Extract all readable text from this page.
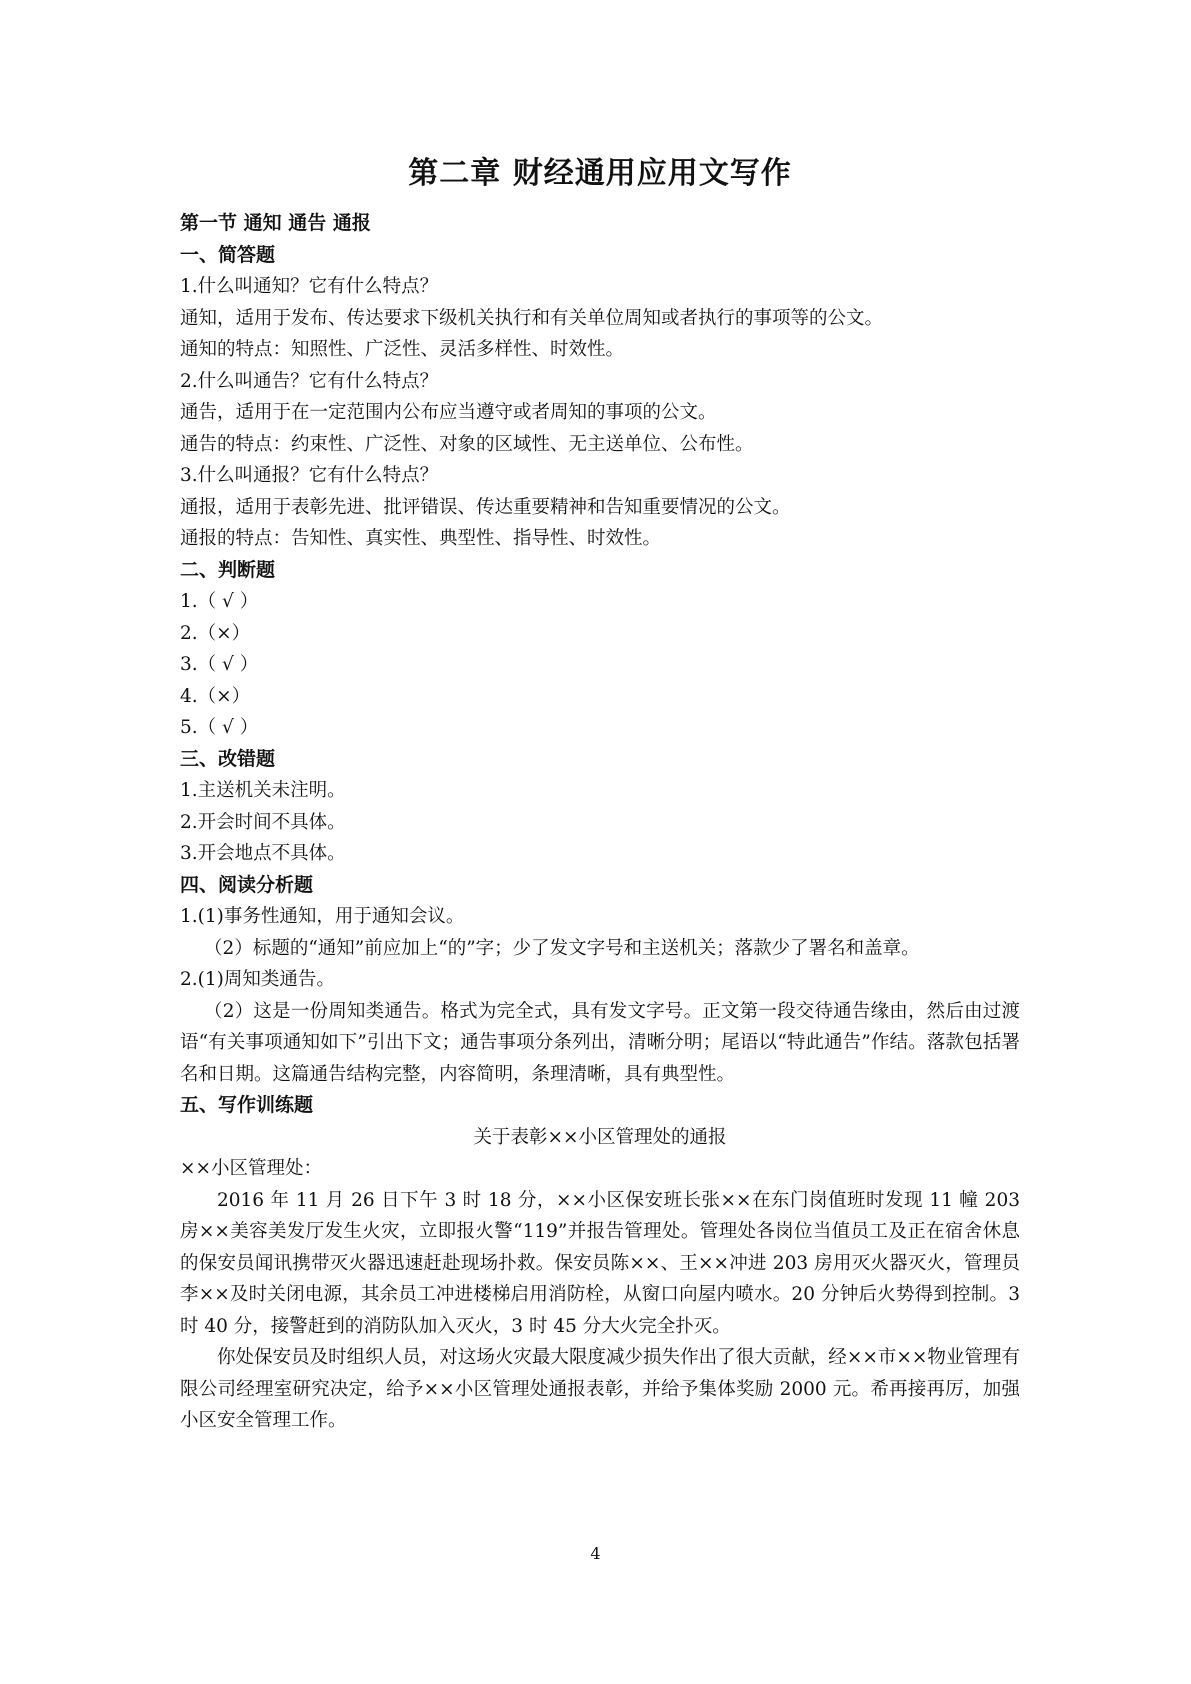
第二章 财经通用应用文写作

第一节 通知 通告 通报

一、简答题

1.什么叫通知？它有什么特点？

通知，适用于发布、传达要求下级机关执行和有关单位周知或者执行的事项等的公文。

通知的特点：知照性、广泛性、灵活多样性、时效性。

2.什么叫通告？它有什么特点？

通告，适用于在一定范围内公布应当遵守或者周知的事项的公文。

通告的特点：约束性、广泛性、对象的区域性、无主送单位、公布性。

3.什么叫通报？它有什么特点？

通报，适用于表彰先进、批评错误、传达重要精神和告知重要情况的公文。

通报的特点：告知性、真实性、典型性、指导性、时效性。

二、判断题

1.（ √ ）

2.（×）

3.（ √ ）

4.（×）

5.（ √ ）

三、改错题

1.主送机关未注明。

2.开会时间不具体。

3.开会地点不具体。

四、阅读分析题

1.(1)事务性通知，用于通知会议。

（2）标题的“通知”前应加上“的”字；少了发文字号和主送机关；落款少了署名和盖章。

2.(1)周知类通告。

（2）这是一份周知类通告。格式为完全式，具有发文字号。正文第一段交待通告缘由，然后由过渡语“有关事项通知如下”引出下文；通告事项分条列出，清晰分明；尾语以“特此通告”作结。落款包括署名和日期。这篇通告结构完整，内容简明，条理清晰，具有典型性。

五、写作训练题

关于表彰××小区管理处的通报

××小区管理处：

2016 年 11 月 26 日下午 3 时 18 分，××小区保安班长张××在东门岗值班时发现 11 幢 203 房××美容美发厅发生火灾，立即报火警“119”并报告管理处。管理处各岗位当值员工及正在宿舍休息的保安员闻讯携带灭火器迅速赶赴现场扑救。保安员陈××、王××冲进 203 房用灭火器灭火，管理员李××及时关闭电源，其余员工冲进楼梯启用消防栓，从窗口向屋内喷水。20 分钟后火势得到控制。3 时 40 分，接警赶到的消防队加入灭火，3 时 45 分大火完全扑灭。

你处保安员及时组织人员，对这场火灾最大限度减少损失作出了很大贡献，经××市××物业管理有限公司经理室研究决定，给予××小区管理处通报表彰，并给予集体奖励 2000 元。希再接再厉，加强小区安全管理工作。

4
